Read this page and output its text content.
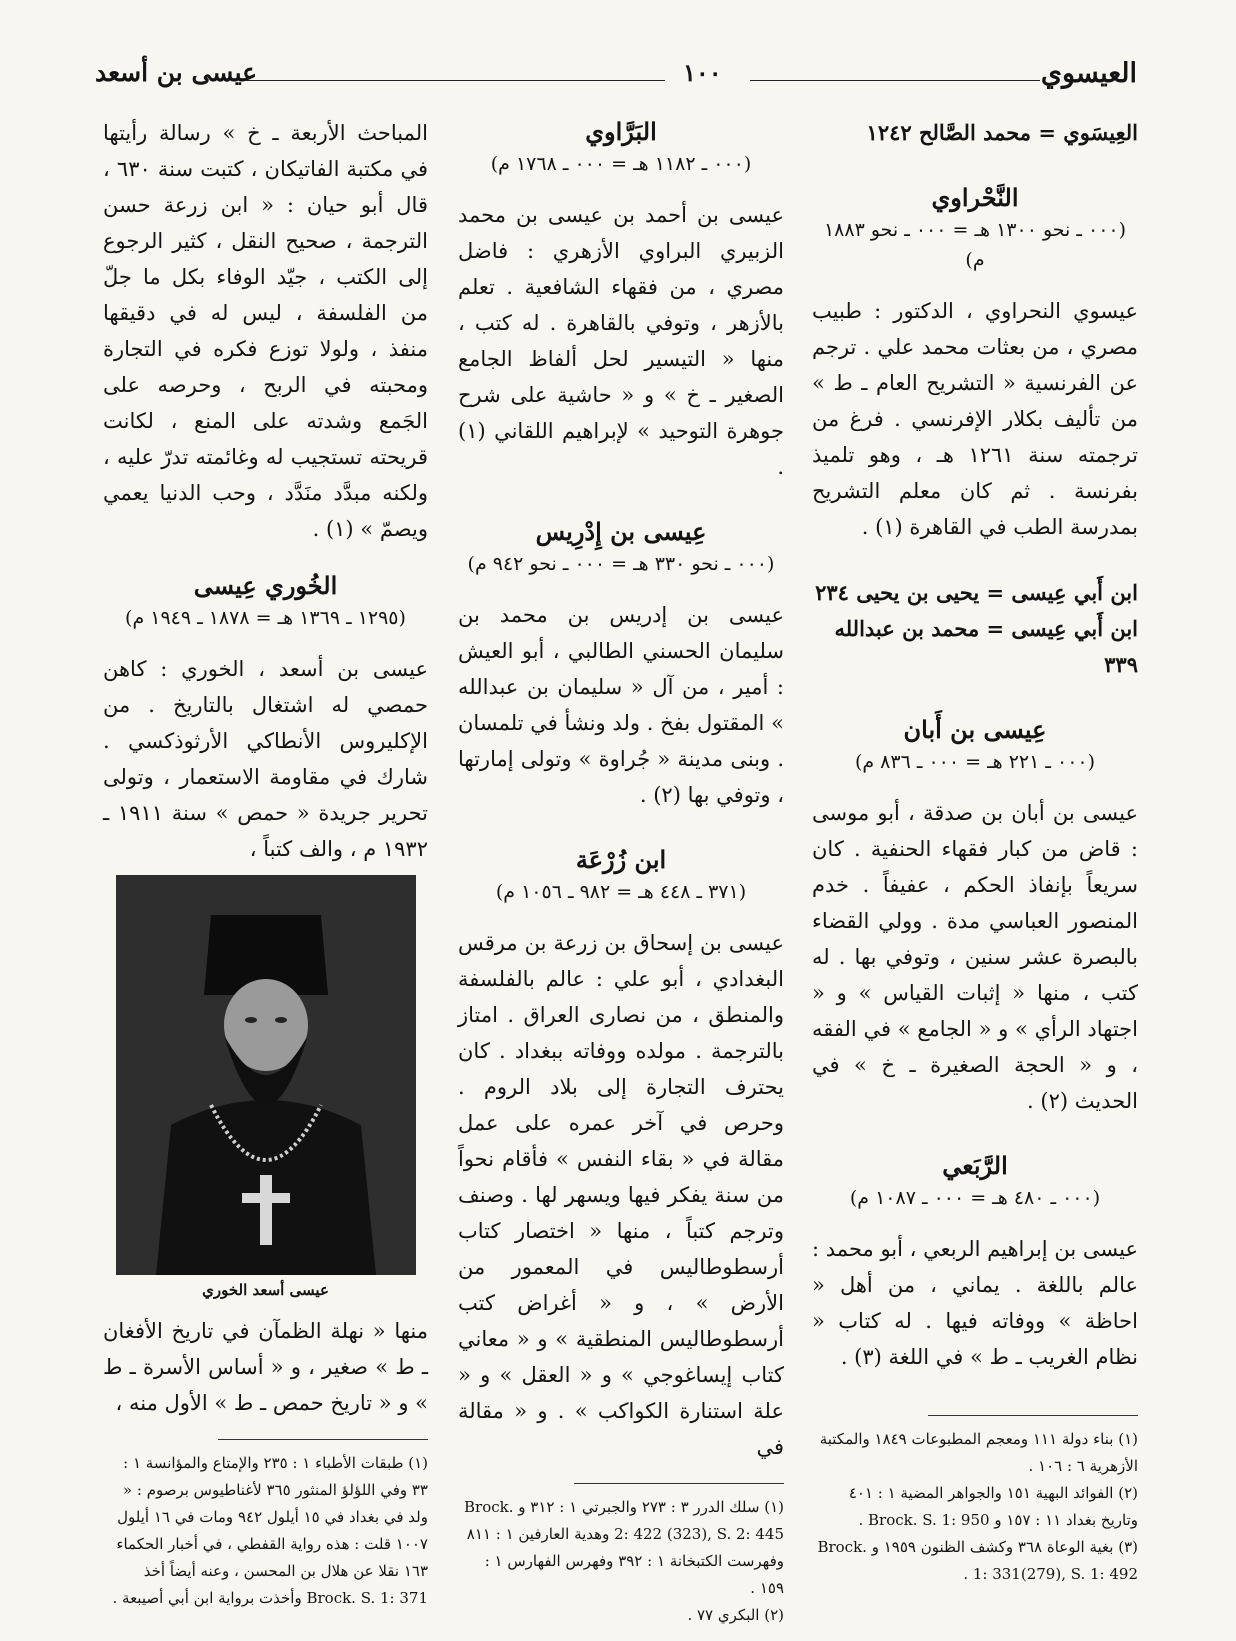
عيسى بن أسعد	١٠٠	العيسوي

العِيسَوي = محمد الصَّالح ١٢٤٢

النَّحْراوي

(٠٠٠ ـ نحو ١٣٠٠ هـ = ٠٠٠ ـ نحو ١٨٨٣ م)

عيسوي النحراوي ، الدكتور : طبيب مصري ، من بعثات محمد علي . ترجم عن الفرنسية « التشريح العام ـ ط » من تأليف بكلار الإفرنسي . فرغ من ترجمته سنة ١٢٦١ هـ ، وهو تلميذ بفرنسة . ثم كان معلم التشريح بمدرسة الطب في القاهرة (١) .

ابن أَبي عِيسى = يحيى بن يحيى ٢٣٤

ابن أَبي عِيسى = محمد بن عبدالله ٣٣٩

عِيسى بن أَبان

(٠٠٠ ـ ٢٢١ هـ = ٠٠٠ ـ ٨٣٦ م)

عيسى بن أبان بن صدقة ، أبو موسى : قاض من كبار فقهاء الحنفية . كان سريعاً بإنفاذ الحكم ، عفيفاً . خدم المنصور العباسي مدة . وولي القضاء بالبصرة عشر سنين ، وتوفي بها . له كتب ، منها « إثبات القياس » و « اجتهاد الرأي » و « الجامع » في الفقه ، و « الحجة الصغيرة ـ خ » في الحديث (٢) .

الرَّبَعي

(٠٠٠ ـ ٤٨٠ هـ = ٠٠٠ ـ ١٠٨٧ م)

عيسى بن إبراهيم الربعي ، أبو محمد : عالم باللغة . يماني ، من أهل « احاظة » ووفاته فيها . له كتاب « نظام الغريب ـ ط » في اللغة (٣) .

(١) بناء دولة ١١١ ومعجم المطبوعات ١٨٤٩ والمكتبة الأزهرية ٦ : ١٠٦ .

(٢) الفوائد البهية ١٥١ والجواهر المضية ١ : ٤٠١ وتاريخ بغداد ١١ : ١٥٧ و Brock. S. 1: 950 .

(٣) بغية الوعاة ٣٦٨ وكشف الظنون ١٩٥٩ و Brock. 1: 331(279), S. 1: 492 .

البَرَّاوي

(٠٠٠ ـ ١١٨٢ هـ = ٠٠٠ ـ ١٧٦٨ م)

عيسى بن أحمد بن عيسى بن محمد الزبيري البراوي الأزهري : فاضل مصري ، من فقهاء الشافعية . تعلم بالأزهر ، وتوفي بالقاهرة . له كتب ، منها « التيسير لحل ألفاظ الجامع الصغير ـ خ » و « حاشية على شرح جوهرة التوحيد » لإبراهيم اللقاني (١) .

عِيسى بن إِدْرِيس

(٠٠٠ ـ نحو ٣٣٠ هـ = ٠٠٠ ـ نحو ٩٤٢ م)

عيسى بن إدريس بن محمد بن سليمان الحسني الطالبي ، أبو العيش : أمير ، من آل « سليمان بن عبدالله » المقتول بفخ . ولد ونشأ في تلمسان . وبنى مدينة « جُراوة » وتولى إمارتها ، وتوفي بها (٢) .

ابن زُرْعَة

(٣٧١ ـ ٤٤٨ هـ = ٩٨٢ ـ ١٠٥٦ م)

عيسى بن إسحاق بن زرعة بن مرقس البغدادي ، أبو علي : عالم بالفلسفة والمنطق ، من نصارى العراق . امتاز بالترجمة . مولده ووفاته ببغداد . كان يحترف التجارة إلى بلاد الروم . وحرص في آخر عمره على عمل مقالة في « بقاء النفس » فأقام نحواً من سنة يفكر فيها ويسهر لها . وصنف وترجم كتباً ، منها « اختصار كتاب أرسطوطاليس في المعمور من الأرض » ، و « أغراض كتب أرسطوطاليس المنطقية » و « معاني كتاب إيساغوجي » و « العقل » و « علة استنارة الكواكب » . و « مقالة في

(١) سلك الدرر ٣ : ٢٧٣ والجبرتي ١ : ٣١٢ و Brock. 2: 422 (323), S. 2: 445 وهدية العارفين ١ : ٨١١ وفهرست الكتبخانة ١ : ٣٩٢ وفهرس الفهارس ١ : ١٥٩ .

(٢) البكري ٧٧ .

المباحث الأربعة ـ خ » رسالة رأيتها في مكتبة الفاتيكان ، كتبت سنة ٦٣٠ ، قال أبو حيان : « ابن زرعة حسن الترجمة ، صحيح النقل ، كثير الرجوع إلى الكتب ، جيّد الوفاء بكل ما جلّ من الفلسفة ، ليس له في دقيقها منفذ ، ولولا توزع فكره في التجارة ومحبته في الربح ، وحرصه على الجَمع وشدته على المنع ، لكانت قريحته تستجيب له وغائمته تدرّ عليه ، ولكنه مبدَّد منَدَّد ، وحب الدنيا يعمي ويصمّ » (١) .

الخُوري عِيسى

(١٢٩٥ ـ ١٣٦٩ هـ = ١٨٧٨ ـ ١٩٤٩ م)

عيسى بن أسعد ، الخوري : كاهن حمصي له اشتغال بالتاريخ . من الإكليروس الأنطاكي الأرثوذكسي . شارك في مقاومة الاستعمار ، وتولى تحرير جريدة « حمص » سنة ١٩١١ ـ ١٩٣٢ م ، والف كتباً ،

عيسى أسعد الخوري

منها « نهلة الظمآن في تاريخ الأفغان ـ ط » صغير ، و « أساس الأسرة ـ ط » و « تاريخ حمص ـ ط » الأول منه ،

(١) طبقات الأطباء ١ : ٢٣٥ والإمتاع والمؤانسة ١ : ٣٣ وفي اللؤلؤ المنثور ٣٦٥ لأغناطيوس برصوم : « ولد في بغداد في ١٥ أيلول ٩٤٢ ومات في ١٦ أيلول ١٠٠٧ قلت : هذه رواية القفطي ، في أخبار الحكماء ١٦٣ نقلا عن هلال بن المحسن ، وعنه أيضاً أخذ Brock. S. 1: 371 وأخذت برواية ابن أبي أصيبعة .
